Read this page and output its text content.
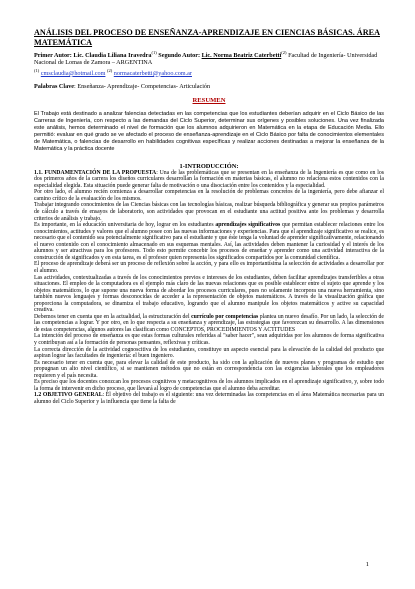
ANÁLISIS DEL PROCESO DE ENSEÑANZA-APRENDIZAJE EN CIENCIAS BÁSICAS. ÁREA MATEMÁTICA

Primer Autor: Lic. Claudia Liliana Iravedra$^{(1)}$ Segundo Autor: Lic. Norma Beatriz Caterbetti$^{(2)}$ Facultad de Ingeniería- Universidad Nacional de Lomas de Zamora – ARGENTINA
$^{(1)}$ cmsclaudia@hotmail.com $^{(2)}$ normacaterbetti@yahoo.com.ar
Palabras Clave: Enseñanza- Aprendizaje- Competencias- Articulación
RESUMEN

El Trabajo está destinado a analizar falencias detectadas en las competencias que los estudiantes deberían adquirir en el Ciclo Básico de las Carreras de Ingeniería, con respecto a las demandas del Ciclo Superior, determinar sus orígenes y posibles soluciones. Una vez finalizada este análisis, hemos determinado el nivel de formación que los alumnos adquirieron en Matemática en la etapa de Educación Media. Ello permitió: evaluar en qué grado se ve afectado el proceso de enseñanza-aprendizaje en el Ciclo Básico por falta de conocimientos elementales de Matemática, o falencias de desarrollo en habilidades cognitivas específicas y realizar acciones destinadas a mejorar la enseñanza de la Matemática y la práctica docente

1-INTRODUCCIÓN:

1.1. FUNDAMENTACIÓN DE LA PROPUESTA: Una de las problemáticas que se presentan en la enseñanza de la Ingeniería es que como en los dos primeros años de la carrera los diseños curriculares desarrollan la formación en materias básicas, el alumno no relaciona estos contenidos con la especialidad elegida. Esta situación puede generar falta de motivación o una disociación entre los contenidos y la especialidad.

Por otro lado, el alumno recién comienza a desarrollar competencias en la resolución de problemas concretos de la ingeniería, pero debe afianzar el camino crítico de la evaluación de los mismos.

Trabajar integrando conocimientos de las Ciencias básicas con las tecnologías básicas, realizar búsqueda bibliográfica y generar sus propios parámetros de cálculo a través de ensayos de laboratorio, son actividades que provocan en el estudiante una actitud positiva ante los problemas y desarrolla criterios de análisis y trabajo.

Es importante, en la educación universitaria de hoy, lograr en los estudiantes aprendizajes significativos que permitan establecer relaciones entre los conocimientos, actitudes y valores que el alumno posee con las nuevas informaciones y experiencias. Para que el aprendizaje significativo se realice, es necesario que el contenido sea potencialmente significativo para el estudiante y que éste tenga la voluntad de aprender significativamente, relacionando el nuevo contenido con el conocimiento almacenado en sus esquemas mentales. Así, las actividades deben mantener la curiosidad y el interés de los alumnos y ser atractivas para los profesores. Todo esto permite concebir los procesos de enseñar y aprender como una actividad interactiva de la construcción de significados y en esta tarea, es el profesor quien representa los significados compartidos por la comunidad científica.

El proceso de aprendizaje deberá ser un proceso de reflexión sobre la acción, y para ello es importantísima la selección de actividades a desarrollar por el alumno.

Las actividades, contextualizadas a través de los conocimientos previos e intereses de los estudiantes, deben facilitar aprendizajes transferibles a otras situaciones. El empleo de la computadora es el ejemplo más claro de las nuevas relaciones que es posible establecer entre el sujeto que aprende y los objetos matemáticos, lo que supone una nueva forma de abordar los procesos curriculares, pues no solamente incorpora una nueva herramienta, sino también nuevos lenguajes y formas desconocidas de acceder a la representación de objetos matemáticos. A través de la visualización gráfica que proporciona la computadora, se dinamiza el trabajo educativo, logrando que el alumno manipule los objetos matemáticos y active su capacidad creativa.

Debemos tener en cuenta que en la actualidad, la estructuración del currículo por competencias plantea un nuevo desafío. Por un lado, la selección de las competencias a lograr. Y por otro, en lo que respecta a su enseñanza y aprendizaje, las estrategias que favorezcan su desarrollo. A las dimensiones de estas competencias, algunos autores las clasifican como CONCEPTOS, PROCEDIMIENTOS Y ACTITUDES

La intención del proceso de enseñanza es que estas formas culturales referidas al "saber hacer", sean adquiridas por los alumnos de forma significativa y contribuyan así a la formación de personas pensantes, reflexivas y críticas.

La correcta dirección de la actividad cognoscitiva de los estudiantes, constituye un aspecto esencial para la elevación de la calidad del producto que aspiran lograr las facultades de ingeniería: el buen ingeniero.

Es necesario tener en cuenta que, para elevar la calidad de este producto, ha sido con la aplicación de nuevos planes y programas de estudio que propugnan un alto nivel científico, si se mantienen métodos que no están en correspondencia con las exigencias laborales que los empleadores requieren y el país necesita.

Es preciso que los docentes conozcan los procesos cognitivos y metacognitivos de los alumnos implicados en el aprendizaje significativo, y, sobre todo la forma de intervenir en dicho proceso, que llevará al logro de competencias que el alumno deba acreditar.

1.2 OBJETIVO GENERAL: El objetivo del trabajo es el siguiente: una vez determinadas las competencias en el área Matemática necesarias para un alumno del Ciclo Superior y la influencia que tiene la falta de

1
